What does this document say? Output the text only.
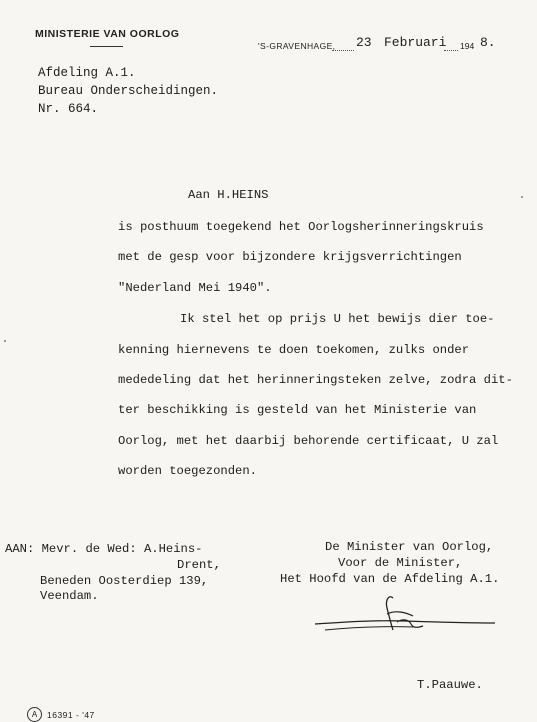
MINISTERIE VAN OORLOG
'S-GRAVENHAGE, 23 Februari 194 8.
Afdeling A.1.
Bureau Onderscheidingen.
Nr. 664.
Aan H.HEINS
is posthuum toegekend het Oorlogsherinneringskruis
met de gesp voor bijzondere krijgsverrichtingen
"Nederland Mei 1940".
Ik stel het op prijs U het bewijs dier toe-
kenning hiernevens te doen toekomen, zulks onder
mededeling dat het herinneringsteken zelve, zodra dit-
ter beschikking is gesteld van het Ministerie van
Oorlog, met het daarbij behorende certificaat, U zal
worden toegezonden.
AAN: Mevr. de Wed: A.Heins-
Drent,
Beneden Oosterdiep 139,
Veendam.
De Minister van Oorlog,
Voor de Minister,
Het Hoofd van de Afdeling A.1.
T.Paauwe.
A	16391 - '47
